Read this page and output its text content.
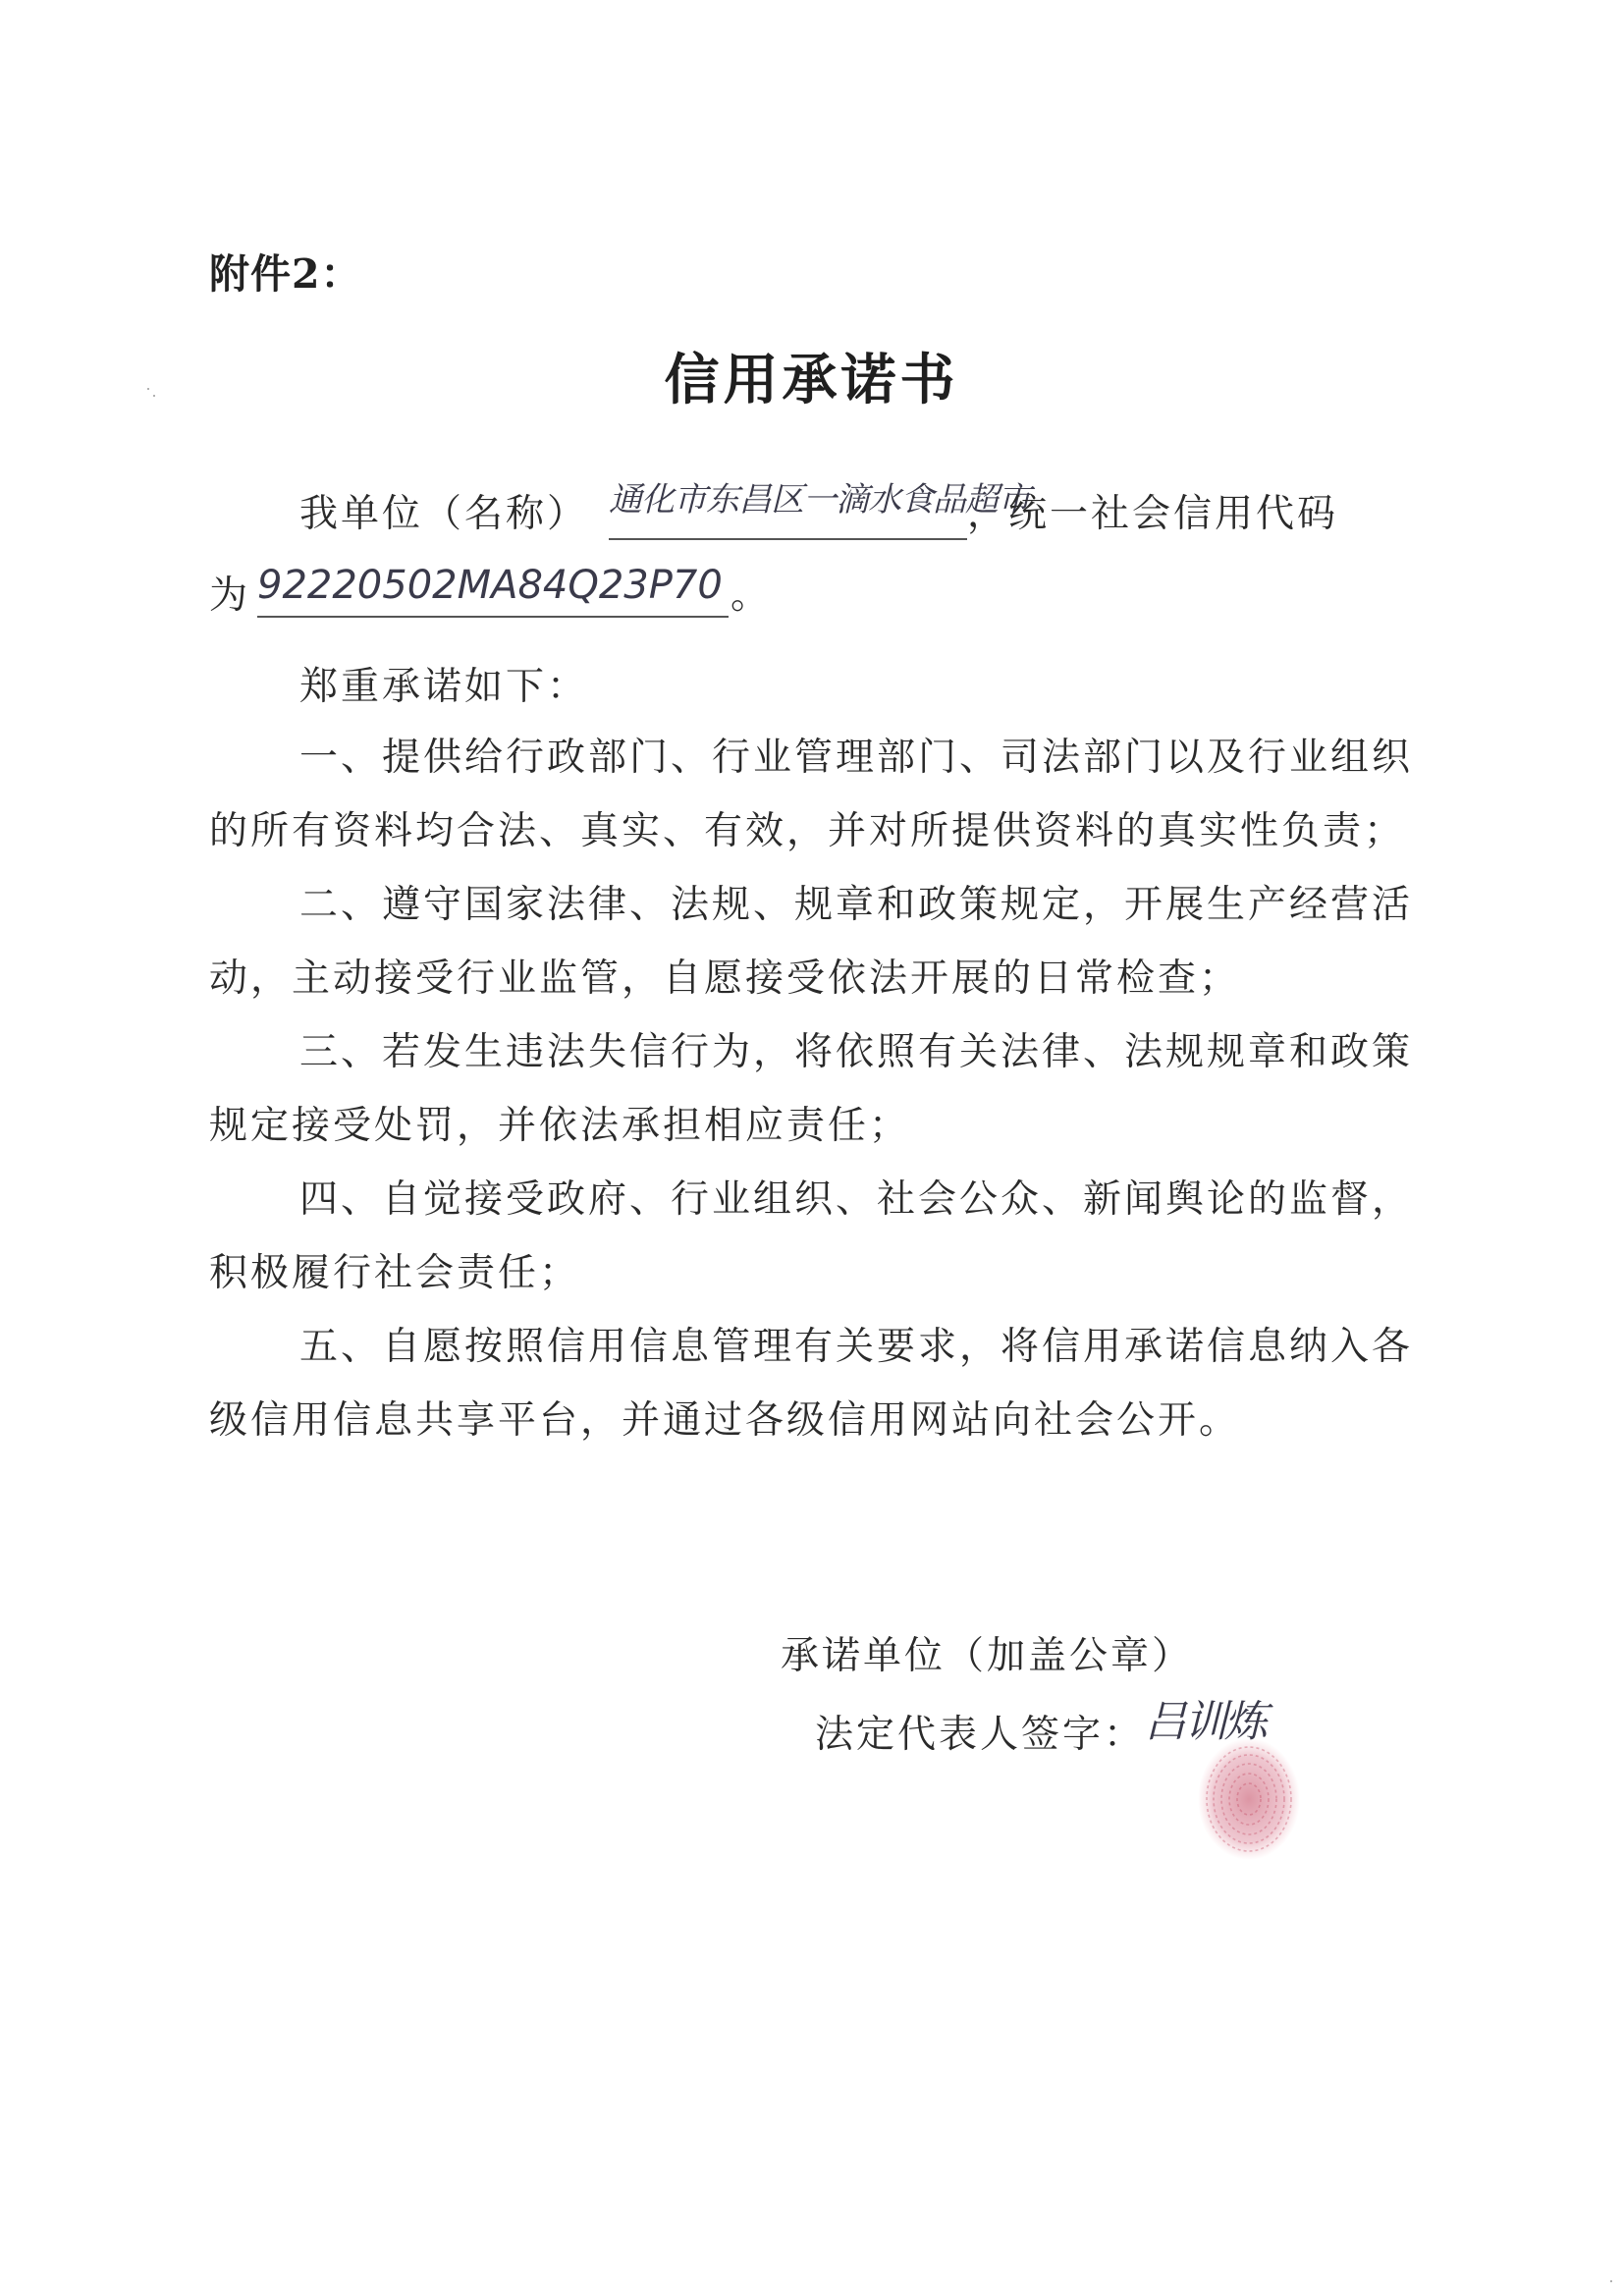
附件2：
信用承诺书
我单位（名称） 通化市东昌区一滴水食品超市
，统一社会信用代码
为 92220502MA84Q23P70 。
郑重承诺如下：
一、提供给行政部门、行业管理部门、司法部门以及行业组织
的所有资料均合法、真实、有效，并对所提供资料的真实性负责；
二、遵守国家法律、法规、规章和政策规定，开展生产经营活
动，主动接受行业监管，自愿接受依法开展的日常检查；
三、若发生违法失信行为，将依照有关法律、法规规章和政策
规定接受处罚，并依法承担相应责任；
四、自觉接受政府、行业组织、社会公众、新闻舆论的监督，
积极履行社会责任；
五、自愿按照信用信息管理有关要求，将信用承诺信息纳入各
级信用信息共享平台，并通过各级信用网站向社会公开。
承诺单位（加盖公章）
法定代表人签字：
吕训炼
